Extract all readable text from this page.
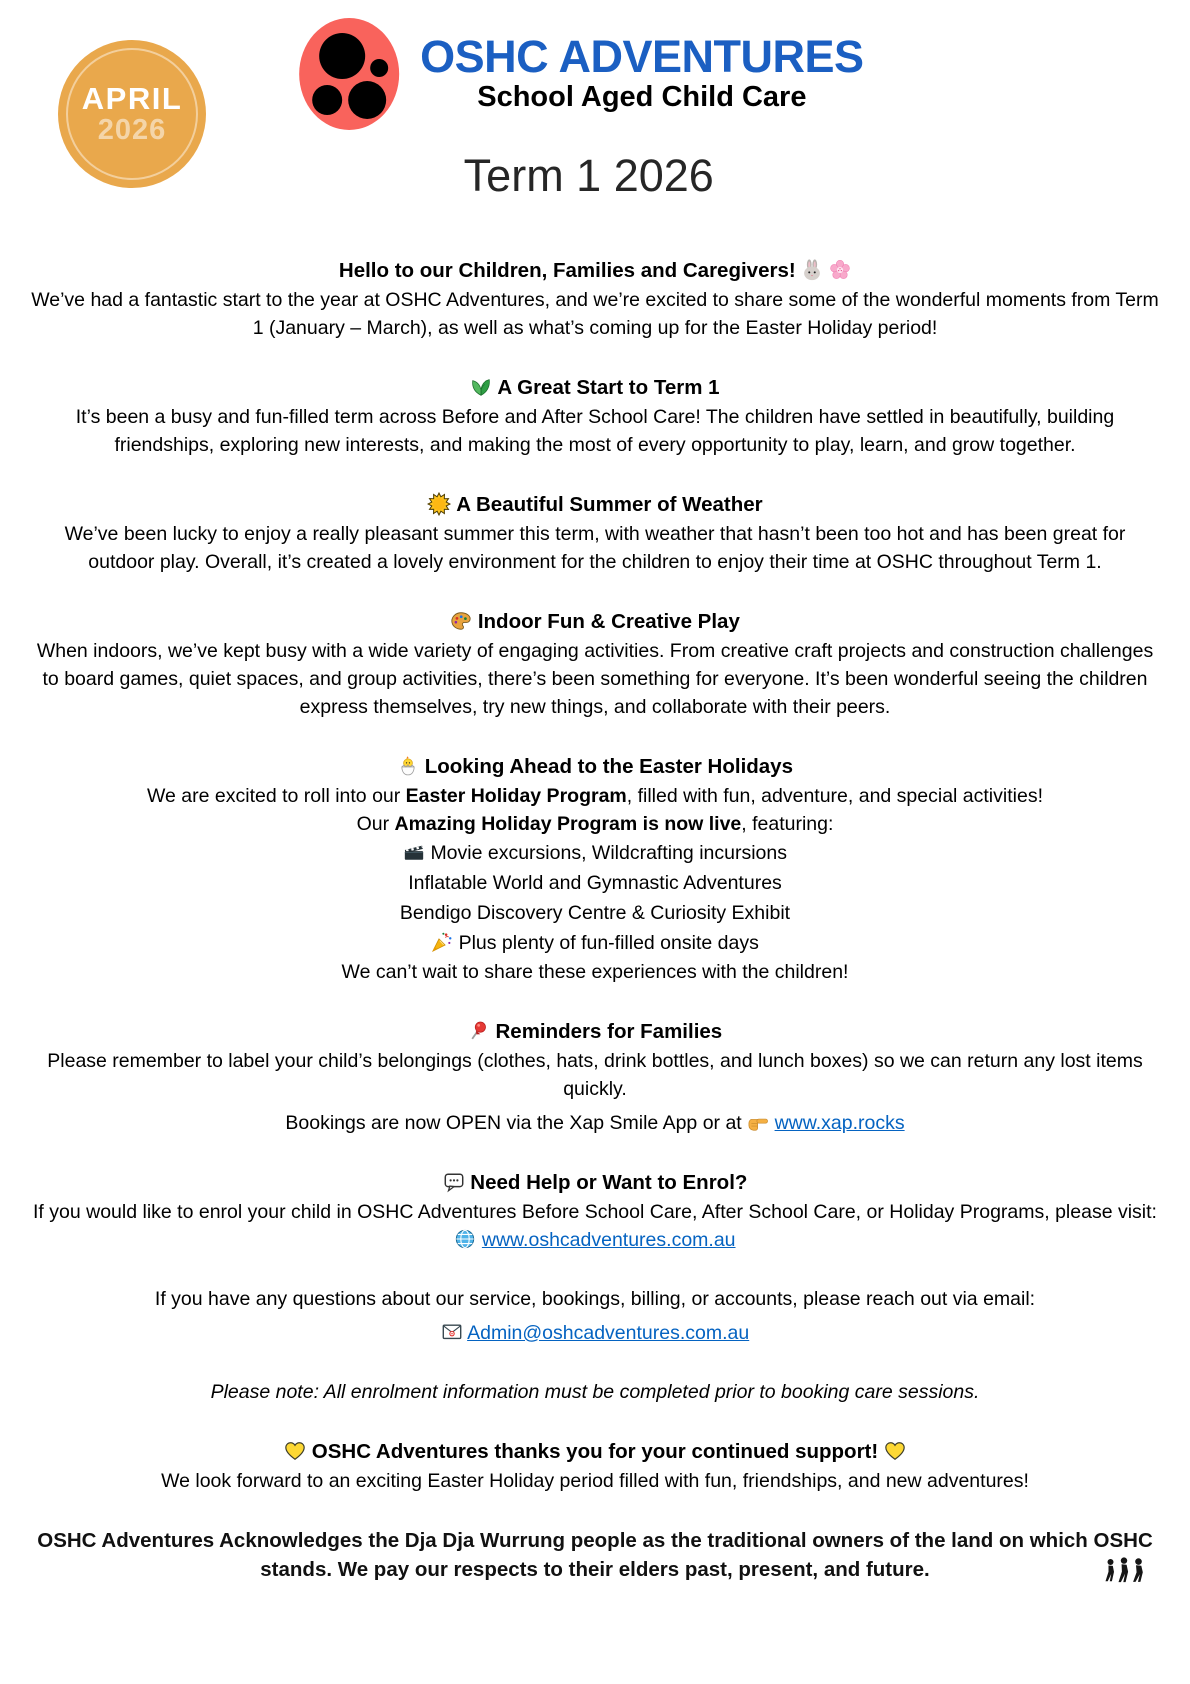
APRIL
2026
OSHC ADVENTURES
School Aged Child Care
Term 1 2026
Hello to our Children, Families and Caregivers!

We’ve had a fantastic start to the year at OSHC Adventures, and we’re excited to share some of the wonderful moments from Term 1 (January – March), as well as what’s coming up for the Easter Holiday period!

A Great Start to Term 1

It’s been a busy and fun-filled term across Before and After School Care! The children have settled in beautifully, building friendships, exploring new interests, and making the most of every opportunity to play, learn, and grow together.

A Beautiful Summer of Weather

We’ve been lucky to enjoy a really pleasant summer this term, with weather that hasn’t been too hot and has been great for outdoor play. Overall, it’s created a lovely environment for the children to enjoy their time at OSHC throughout Term 1.

Indoor Fun & Creative Play

When indoors, we’ve kept busy with a wide variety of engaging activities. From creative craft projects and construction challenges to board games, quiet spaces, and group activities, there’s been something for everyone. It’s been wonderful seeing the children express themselves, try new things, and collaborate with their peers.

Looking Ahead to the Easter Holidays

We are excited to roll into our Easter Holiday Program, filled with fun, adventure, and special activities!

Our Amazing Holiday Program is now live, featuring:

Movie excursions, Wildcrafting incursions

Inflatable World and Gymnastic Adventures

Bendigo Discovery Centre & Curiosity Exhibit

Plus plenty of fun-filled onsite days

We can’t wait to share these experiences with the children!

Reminders for Families

Please remember to label your child’s belongings (clothes, hats, drink bottles, and lunch boxes) so we can return any lost items quickly.

Bookings are now OPEN via the Xap Smile App or at
www.xap.rocks

Need Help or Want to Enrol?

If you would like to enrol your child in OSHC Adventures Before School Care, After School Care, or Holiday Programs, please visit:
www.oshcadventures.com.au

If you have any questions about our service, bookings, billing, or accounts, please reach out via email:

Admin@oshcadventures.com.au

Please note: All enrolment information must be completed prior to booking care sessions.

OSHC Adventures thanks you for your continued support!

We look forward to an exciting Easter Holiday period filled with fun, friendships, and new adventures!

OSHC Adventures Acknowledges the Dja Dja Wurrung people as the traditional owners of the land on which OSHC stands. We pay our respects to their elders past, present, and future.
